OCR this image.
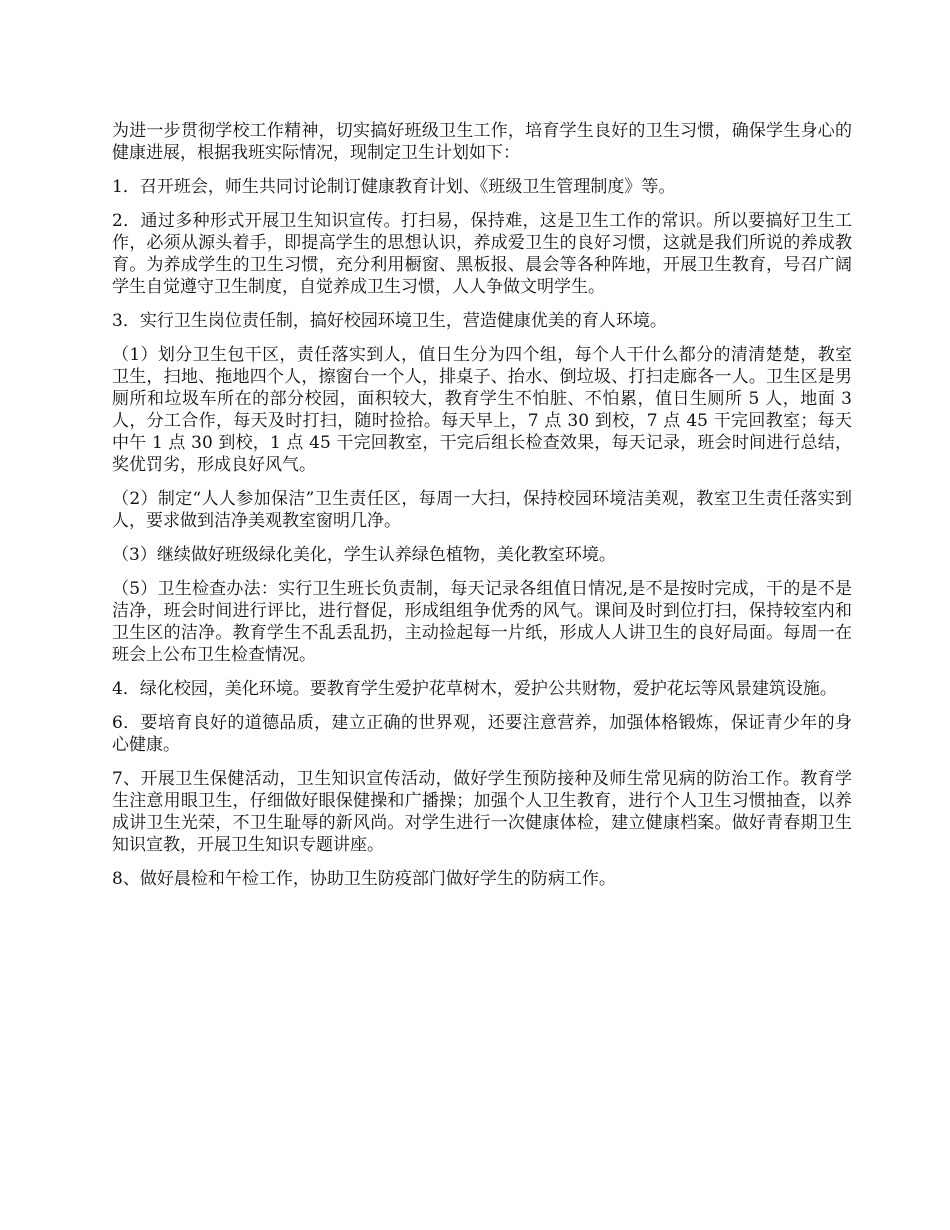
为进一步贯彻学校工作精神，切实搞好班级卫生工作，培育学生良好的卫生习惯，确保学生身心的健康进展，根据我班实际情况，现制定卫生计划如下：

1．召开班会，师生共同讨论制订健康教育计划、《班级卫生管理制度》等。

2．通过多种形式开展卫生知识宣传。打扫易，保持难，这是卫生工作的常识。所以要搞好卫生工作，必须从源头着手，即提高学生的思想认识，养成爱卫生的良好习惯，这就是我们所说的养成教育。为养成学生的卫生习惯，充分利用橱窗、黑板报、晨会等各种阵地，开展卫生教育，号召广阔学生自觉遵守卫生制度，自觉养成卫生习惯，人人争做文明学生。

3．实行卫生岗位责任制，搞好校园环境卫生，营造健康优美的育人环境。

（1）划分卫生包干区，责任落实到人，值日生分为四个组，每个人干什么都分的清清楚楚，教室卫生，扫地、拖地四个人，擦窗台一个人，排桌子、抬水、倒垃圾、打扫走廊各一人。卫生区是男厕所和垃圾车所在的部分校园，面积较大，教育学生不怕脏、不怕累，值日生厕所 5 人，地面 3 人，分工合作，每天及时打扫，随时捡拾。每天早上，7 点 30 到校，7 点 45 干完回教室；每天中午 1 点 30 到校，1 点 45 干完回教室，干完后组长检查效果，每天记录，班会时间进行总结，奖优罚劣，形成良好风气。

（2）制定“人人参加保洁”卫生责任区，每周一大扫，保持校园环境洁美观，教室卫生责任落实到人，要求做到洁净美观教室窗明几净。

（3）继续做好班级绿化美化，学生认养绿色植物，美化教室环境。

（5）卫生检查办法：实行卫生班长负责制，每天记录各组值日情况,是不是按时完成，干的是不是洁净，班会时间进行评比，进行督促，形成组组争优秀的风气。课间及时到位打扫，保持较室内和卫生区的洁净。教育学生不乱丢乱扔，主动捡起每一片纸，形成人人讲卫生的良好局面。每周一在班会上公布卫生检查情况。

4．绿化校园，美化环境。要教育学生爱护花草树木，爱护公共财物，爱护花坛等风景建筑设施。

6．要培育良好的道德品质，建立正确的世界观，还要注意营养，加强体格锻炼，保证青少年的身心健康。

7、开展卫生保健活动，卫生知识宣传活动，做好学生预防接种及师生常见病的防治工作。教育学生注意用眼卫生，仔细做好眼保健操和广播操；加强个人卫生教育，进行个人卫生习惯抽查，以养成讲卫生光荣，不卫生耻辱的新风尚。对学生进行一次健康体检，建立健康档案。做好青春期卫生知识宣教，开展卫生知识专题讲座。

8、做好晨检和午检工作，协助卫生防疫部门做好学生的防病工作。
